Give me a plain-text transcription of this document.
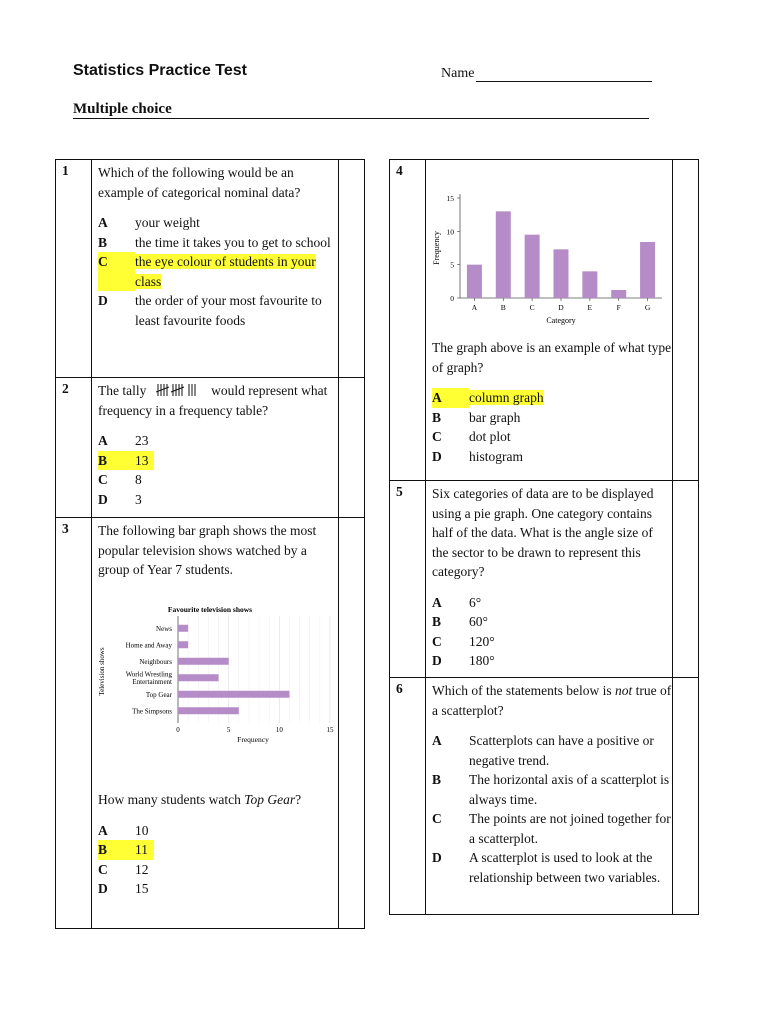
Statistics Practice Test	Name
Multiple choice
1	Which of the following would be an example of categorical nominal data?

A	your weight
B	the time it takes you to get to school
C	the eye colour of students in your class
D	the order of your most favourite to least favourite foods
2	The tally	would represent what frequency in a frequency table?

A	23
B	13
C	8
D	3
3	The following bar graph shows the most popular television shows watched by a group of Year 7 students.

Favourite television shows
0	5	10	15
Frequency
Television shows
News
Home and Away
Neighbours
World Wrestling
Entertainment
Top Gear
The Simpsons

How many students watch Top Gear?

A	10
B	11
C	12
D	15
4
0
5
10
15
A	B	C	D	E	F	G
Category
Frequency

The graph above is an example of what type of graph?

A	column graph
B	bar graph
C	dot plot
D	histogram
5	Six categories of data are to be displayed using a pie graph. One category contains half of the data. What is the angle size of the sector to be drawn to represent this category?

A	6°
B	60°
C	120°
D	180°
6	Which of the statements below is not true of a scatterplot?

A	Scatterplots can have a positive or negative trend.
B	The horizontal axis of a scatterplot is always time.
C	The points are not joined together for a scatterplot.
D	A scatterplot is used to look at the relationship between two variables.
